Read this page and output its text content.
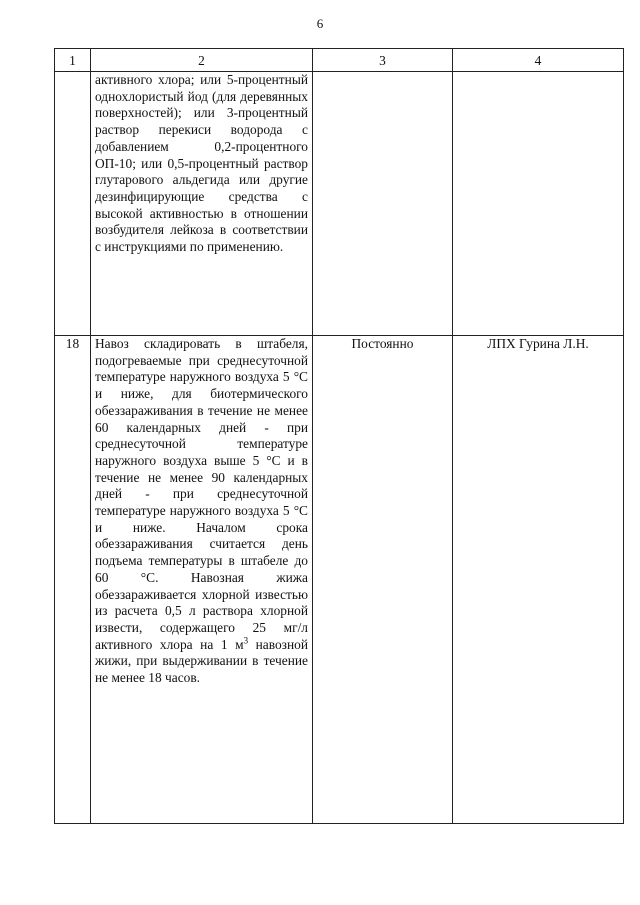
6
1	2	3	4
	активного хлора; или 5-процентный однохлористый йод (для деревянных поверхностей); или 3-процентный раствор перекиси водорода с добавлением 0,2-процентного ОП-10; или 0,5-процентный раствор глутарового альдегида или другие дезинфицирующие средства с высокой активностью в отношении возбудителя лейкоза в соответствии с инструкциями по применению.		
18	Навоз складировать в штабеля, подогреваемые при среднесуточной температуре наружного воздуха 5 °С и ниже, для биотермического обеззараживания в течение не менее 60 календарных дней - при среднесуточной температуре наружного воздуха выше 5 °С и в течение не менее 90 календарных дней - при среднесуточной температуре наружного воздуха 5 °С и ниже. Началом срока обеззараживания считается день подъема температуры в штабеле до 60 °С. Навозная жижа обеззараживается хлорной известью из расчета 0,5 л раствора хлорной извести, содержащего 25 мг/л активного хлора на 1 $м^3$ навозной жижи, при выдерживании в течение не менее 18 часов.	Постоянно	ЛПХ Гурина Л.Н.
